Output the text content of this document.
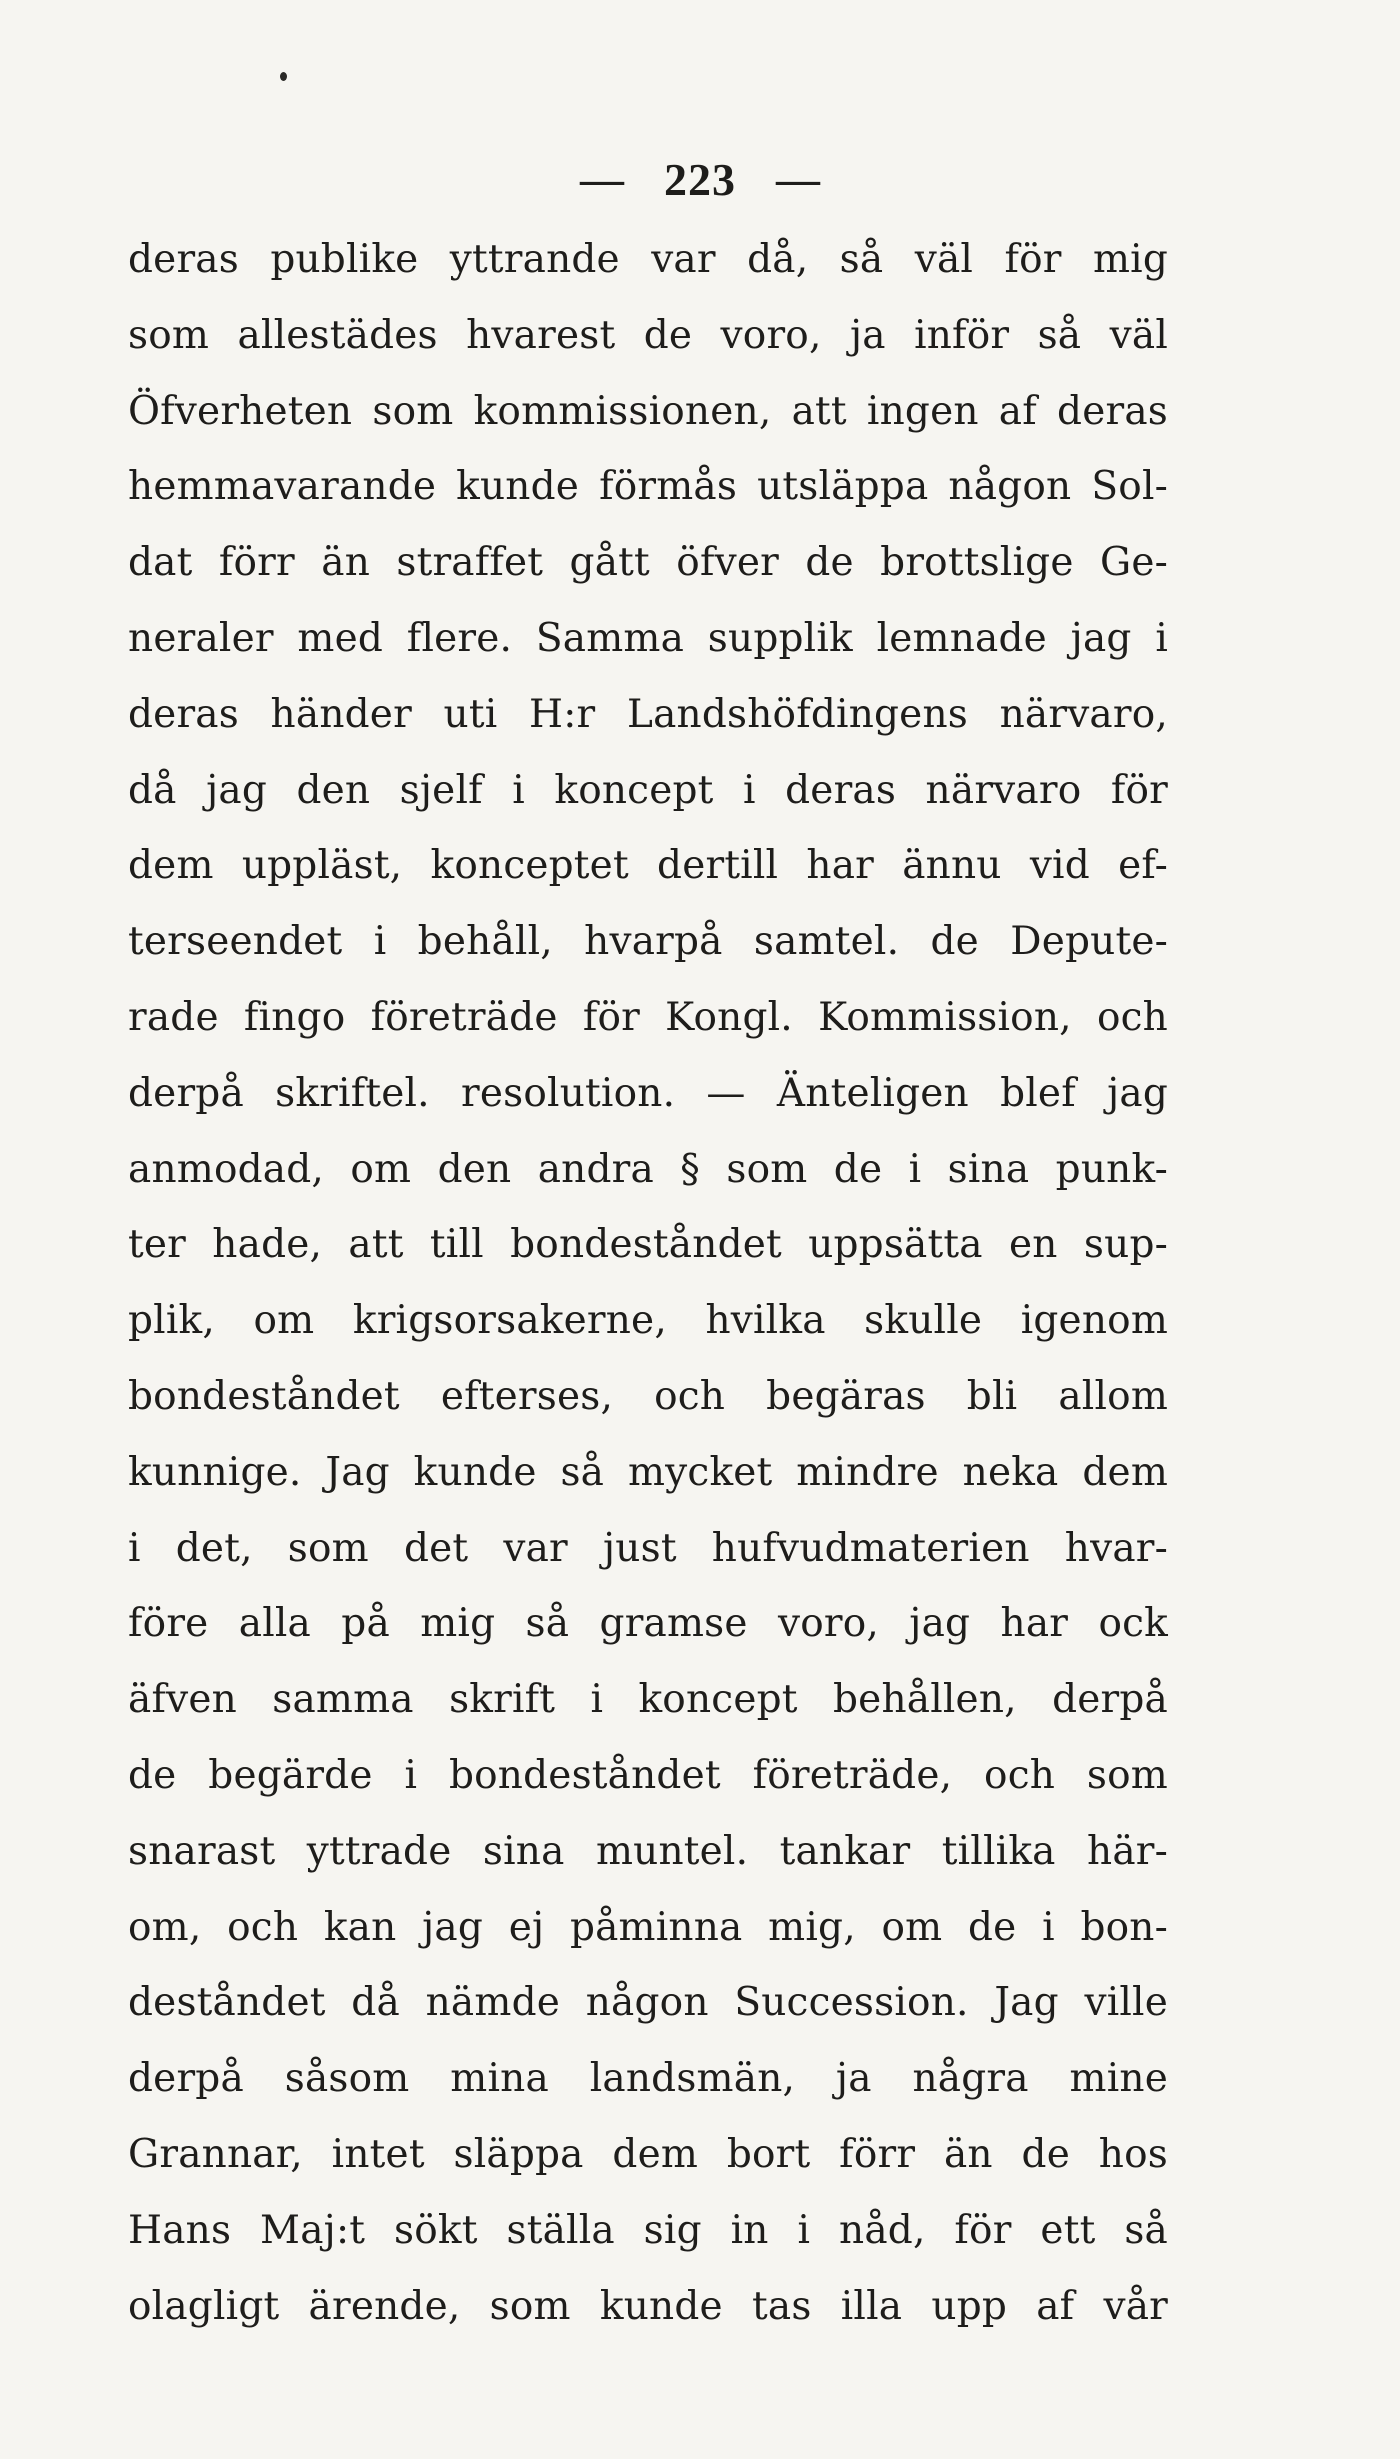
— 223 —
deras publike yttrande var då, så väl för mig
som allestädes hvarest de voro, ja inför så väl
Öfverheten som kommissionen, att ingen af deras
hemmavarande kunde förmås utsläppa någon Sol-
dat förr än straffet gått öfver de brottslige Ge-
neraler med flere. Samma supplik lemnade jag i
deras händer uti H:r Landshöfdingens närvaro,
då jag den sjelf i koncept i deras närvaro för
dem uppläst, konceptet dertill har ännu vid ef-
terseendet i behåll, hvarpå samtel. de Deputе-
rade fingo företräde för Kongl. Kommission, och
derpå skriftel. resolution. — Änteligen blef jag
anmodad, om den andra § som de i sina punk-
ter hade, att till bondeståndet uppsätta en sup-
plik, om krigsorsakerne, hvilka skulle igenom
bondeståndet efterses, och begäras bli allom
kunnige. Jag kunde så mycket mindre neka dem
i det, som det var just hufvudmaterien hvar-
före alla på mig så gramse voro, jag har ock
äfven samma skrift i koncept behållen, derpå
de begärde i bondeståndet företräde, och som
snarast yttrade sina muntel. tankar tillika här-
om, och kan jag ej påminna mig, om de i bon-
deståndet då nämde någon Succession. Jag ville
derpå såsom mina landsmän, ja några mine
Grannar, intet släppa dem bort förr än de hos
Hans Maj:t sökt ställa sig in i nåd, för ett så
olagligt ärende, som kunde tas illa upp af vår
